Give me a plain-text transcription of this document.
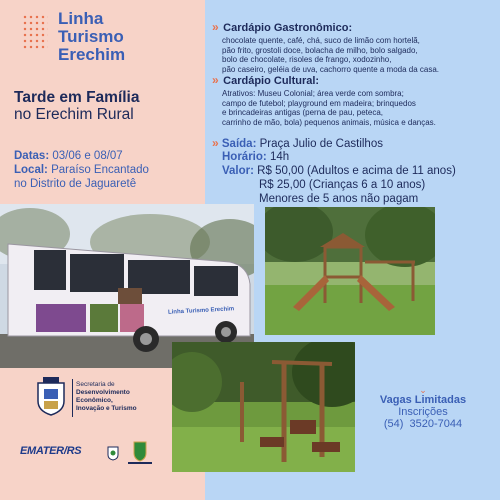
Linha
Turismo
Erechim
Tarde em Família
no Erechim Rural
Datas: 03/06 e 08/07
Local: Paraíso Encantado
no Distrito de Jaguaretê
» Cardápio Gastronômico:
chocolate quente, café, chá, suco de limão com hortelã,
pão frito, grostoli doce, bolacha de milho, bolo salgado,
bolo de chocolate, risoles de frango, xodozinho,
pão caseiro, geléia de uva, cachorro quente a moda da casa.
» Cardápio Cultural:
Atrativos: Museu Colonial; área verde com sombra;
campo de futebol; playground em madeira; brinquedos
e brincadeiras antigas (perna de pau, peteca,
carrinho de mão, bola) pequenos animais, música e danças.
» Saída: Praça Julio de Castilhos
Horário: 14h
Valor: R$ 50,00 (Adultos e acima de 11 anos)
R$ 25,00 (Crianças 6 a 10 anos)
Menores de 5 anos não pagam
Linha Turismo Erechim
Secretaria de
Desenvolvimento
Econômico,
Inovação e Turismo
EMATER/RS
⌄
Vagas Limitadas
Inscrições
(54)  3520-7044
